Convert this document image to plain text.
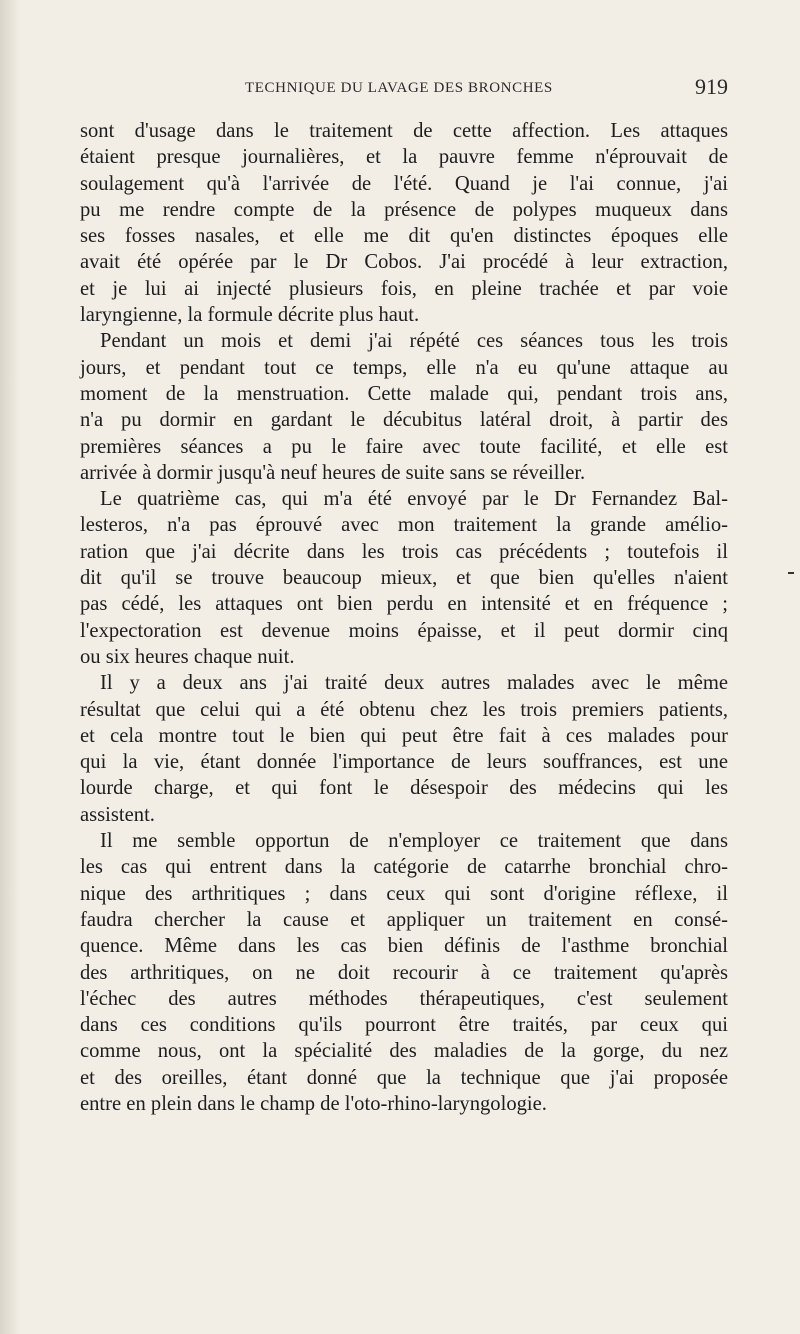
TECHNIQUE DU LAVAGE DES BRONCHES	919
sont d'usage dans le traitement de cette affection. Les attaques
étaient presque journalières, et la pauvre femme n'éprouvait de
soulagement qu'à l'arrivée de l'été. Quand je l'ai connue, j'ai
pu me rendre compte de la présence de polypes muqueux dans
ses fosses nasales, et elle me dit qu'en distinctes époques elle
avait été opérée par le Dr Cobos. J'ai procédé à leur extraction,
et je lui ai injecté plusieurs fois, en pleine trachée et par voie
laryngienne, la formule décrite plus haut.
Pendant un mois et demi j'ai répété ces séances tous les trois
jours, et pendant tout ce temps, elle n'a eu qu'une attaque au
moment de la menstruation. Cette malade qui, pendant trois ans,
n'a pu dormir en gardant le décubitus latéral droit, à partir des
premières séances a pu le faire avec toute facilité, et elle est
arrivée à dormir jusqu'à neuf heures de suite sans se réveiller.
Le quatrième cas, qui m'a été envoyé par le Dr Fernandez Bal-
lesteros, n'a pas éprouvé avec mon traitement la grande amélio-
ration que j'ai décrite dans les trois cas précédents ; toutefois il
dit qu'il se trouve beaucoup mieux, et que bien qu'elles n'aient
pas cédé, les attaques ont bien perdu en intensité et en fréquence ;
l'expectoration est devenue moins épaisse, et il peut dormir cinq
ou six heures chaque nuit.
Il y a deux ans j'ai traité deux autres malades avec le même
résultat que celui qui a été obtenu chez les trois premiers patients,
et cela montre tout le bien qui peut être fait à ces malades pour
qui la vie, étant donnée l'importance de leurs souffrances, est une
lourde charge, et qui font le désespoir des médecins qui les
assistent.
Il me semble opportun de n'employer ce traitement que dans
les cas qui entrent dans la catégorie de catarrhe bronchial chro-
nique des arthritiques ; dans ceux qui sont d'origine réflexe, il
faudra chercher la cause et appliquer un traitement en consé-
quence. Même dans les cas bien définis de l'asthme bronchial
des arthritiques, on ne doit recourir à ce traitement qu'après
l'échec des autres méthodes thérapeutiques, c'est seulement
dans ces conditions qu'ils pourront être traités, par ceux qui
comme nous, ont la spécialité des maladies de la gorge, du nez
et des oreilles, étant donné que la technique que j'ai proposée
entre en plein dans le champ de l'oto-rhino-laryngologie.
